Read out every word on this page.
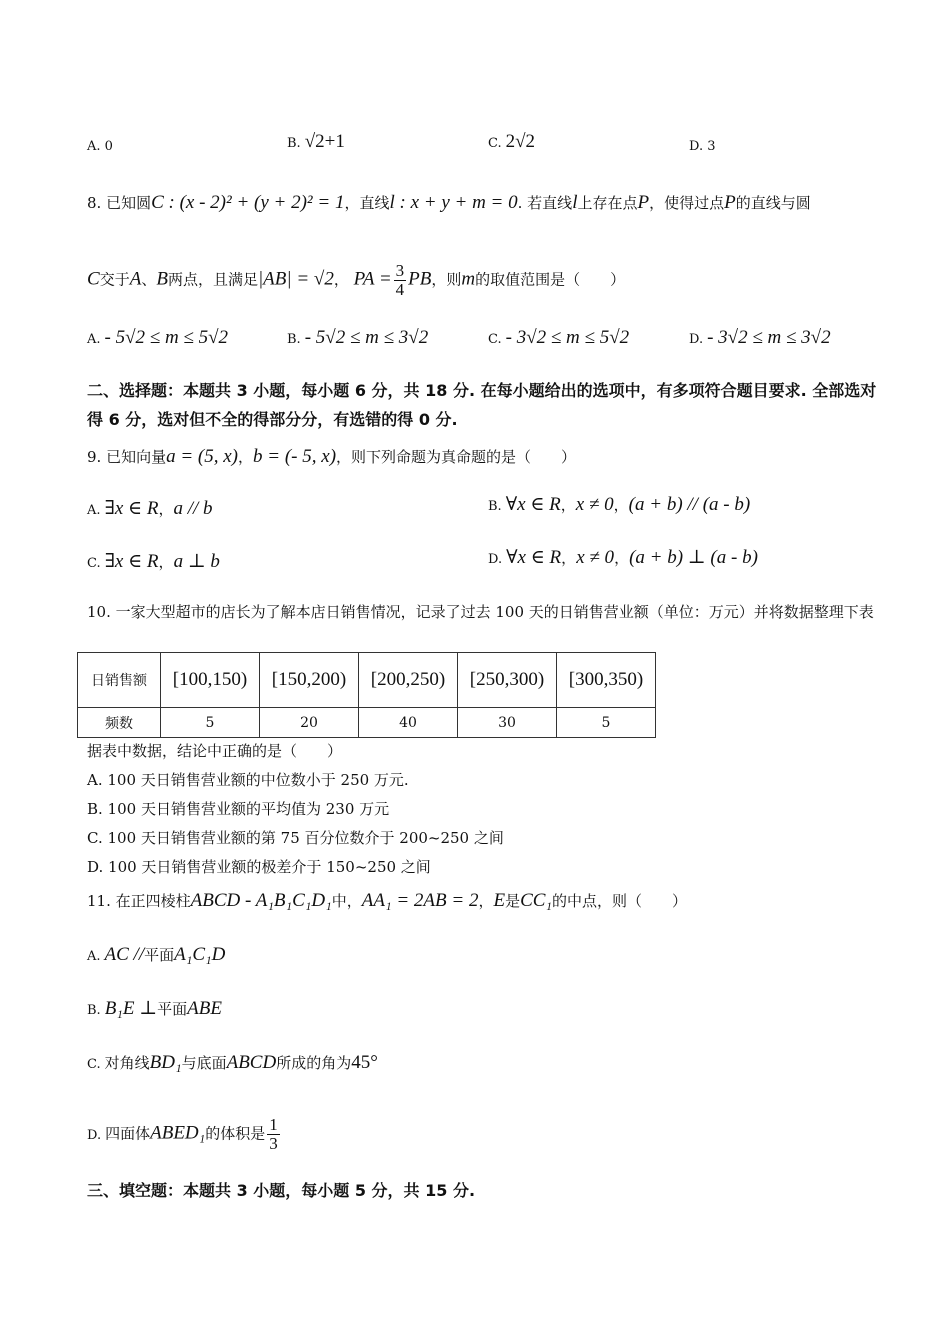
A. 0	B. √2+1	C. 2√2	D. 3
8. 已知圆C : (x - 2)² + (y + 2)² = 1，直线l : x + y + m = 0. 若直线l上存在点P，使得过点P的直线与圆
C交于A、B两点，且满足|AB| = √2， PA = $\frac{3}{4}$ PB，则m的取值范围是（　　）
A. - 5√2 ≤ m ≤ 5√2	B. - 5√2 ≤ m ≤ 3√2	C. - 3√2 ≤ m ≤ 5√2	D. - 3√2 ≤ m ≤ 3√2
二、选择题：本题共 3 小题，每小题 6 分，共 18 分. 在每小题给出的选项中，有多项符合题目要求. 全部选对得 6 分，选对但不全的得部分分，有选错的得 0 分.
9. 已知向量a = (5, x)，b = (- 5, x)，则下列命题为真命题的是（　　）
A. ∃x ∈ R，a // b	B. ∀x ∈ R，x ≠ 0，(a + b) // (a - b)
C. ∃x ∈ R，a ⊥ b	D. ∀x ∈ R，x ≠ 0，(a + b) ⊥ (a - b)
10. 一家大型超市的店长为了解本店日销售情况，记录了过去 100 天的日销售营业额（单位：万元）并将数据整理下表
日销售额	[100,150)	[150,200)	[200,250)	[250,300)	[300,350)
频数	5	20	40	30	5
据表中数据，结论中正确的是（　　）
A. 100 天日销售营业额的中位数小于 250 万元.
B. 100 天日销售营业额的平均值为 230 万元
C. 100 天日销售营业额的第 75 百分位数介于 200~250 之间
D. 100 天日销售营业额的极差介于 150~250 之间
11. 在正四棱柱ABCD - A₁B₁C₁D₁中，AA₁ = 2AB = 2，E是CC₁的中点，则（　　）
A. AC //平面A₁C₁D
B. B₁E ⊥平面ABE
C. 对角线BD₁与底面ABCD所成的角为45°
D. 四面体ABED₁的体积是 $\frac{1}{3}$
三、填空题：本题共 3 小题，每小题 5 分，共 15 分.
